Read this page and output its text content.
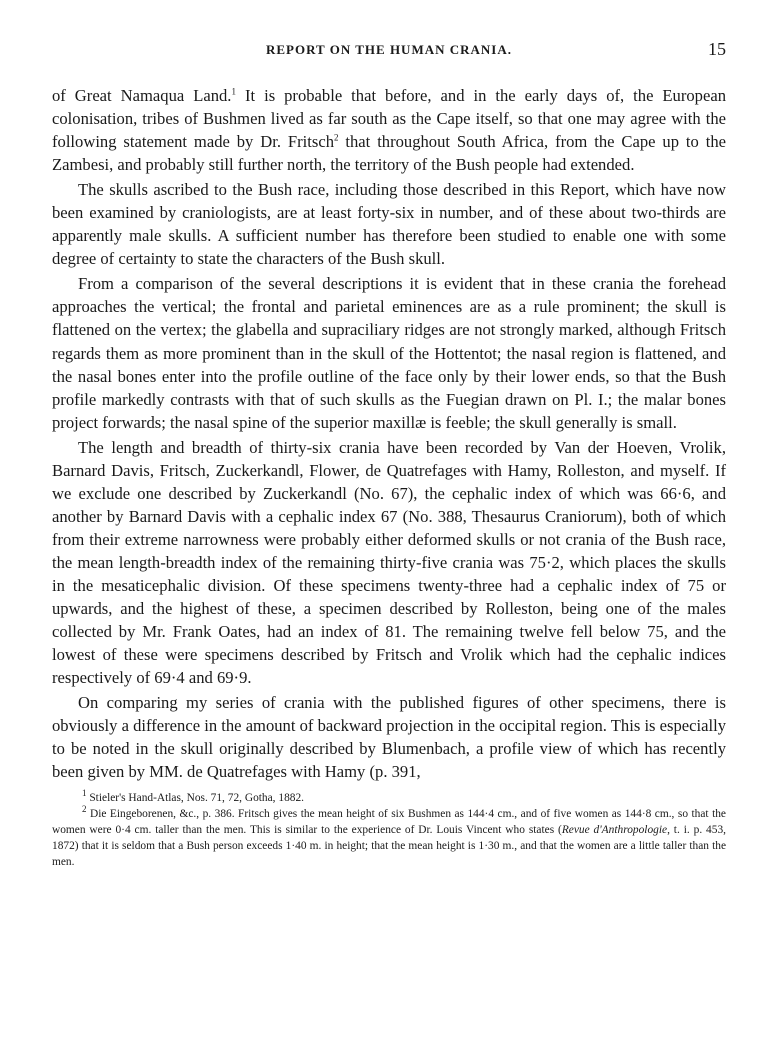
REPORT ON THE HUMAN CRANIA.	15

of Great Namaqua Land.$^1$ It is probable that before, and in the early days of, the European colonisation, tribes of Bushmen lived as far south as the Cape itself, so that one may agree with the following statement made by Dr. Fritsch$^2$ that throughout South Africa, from the Cape up to the Zambesi, and probably still further north, the territory of the Bush people had extended.

The skulls ascribed to the Bush race, including those described in this Report, which have now been examined by craniologists, are at least forty-six in number, and of these about two-thirds are apparently male skulls. A sufficient number has therefore been studied to enable one with some degree of certainty to state the characters of the Bush skull.

From a comparison of the several descriptions it is evident that in these crania the forehead approaches the vertical; the frontal and parietal eminences are as a rule prominent; the skull is flattened on the vertex; the glabella and supraciliary ridges are not strongly marked, although Fritsch regards them as more prominent than in the skull of the Hottentot; the nasal region is flattened, and the nasal bones enter into the profile outline of the face only by their lower ends, so that the Bush profile markedly contrasts with that of such skulls as the Fuegian drawn on Pl. I.; the malar bones project forwards; the nasal spine of the superior maxillæ is feeble; the skull generally is small.

The length and breadth of thirty-six crania have been recorded by Van der Hoeven, Vrolik, Barnard Davis, Fritsch, Zuckerkandl, Flower, de Quatrefages with Hamy, Rolleston, and myself. If we exclude one described by Zuckerkandl (No. 67), the cephalic index of which was 66·6, and another by Barnard Davis with a cephalic index 67 (No. 388, Thesaurus Craniorum), both of which from their extreme narrowness were probably either deformed skulls or not crania of the Bush race, the mean length-breadth index of the remaining thirty-five crania was 75·2, which places the skulls in the mesaticephalic division. Of these specimens twenty-three had a cephalic index of 75 or upwards, and the highest of these, a specimen described by Rolleston, being one of the males collected by Mr. Frank Oates, had an index of 81. The remaining twelve fell below 75, and the lowest of these were specimens described by Fritsch and Vrolik which had the cephalic indices respectively of 69·4 and 69·9.

On comparing my series of crania with the published figures of other specimens, there is obviously a difference in the amount of backward projection in the occipital region. This is especially to be noted in the skull originally described by Blumenbach, a profile view of which has recently been given by MM. de Quatrefages with Hamy (p. 391,

$^1$ Stieler's Hand-Atlas, Nos. 71, 72, Gotha, 1882.

$^2$ Die Eingeborenen, &c., p. 386. Fritsch gives the mean height of six Bushmen as 144·4 cm., and of five women as 144·8 cm., so that the women were 0·4 cm. taller than the men. This is similar to the experience of Dr. Louis Vincent who states (Revue d'Anthropologie, t. i. p. 453, 1872) that it is seldom that a Bush person exceeds 1·40 m. in height; that the mean height is 1·30 m., and that the women are a little taller than the men.
